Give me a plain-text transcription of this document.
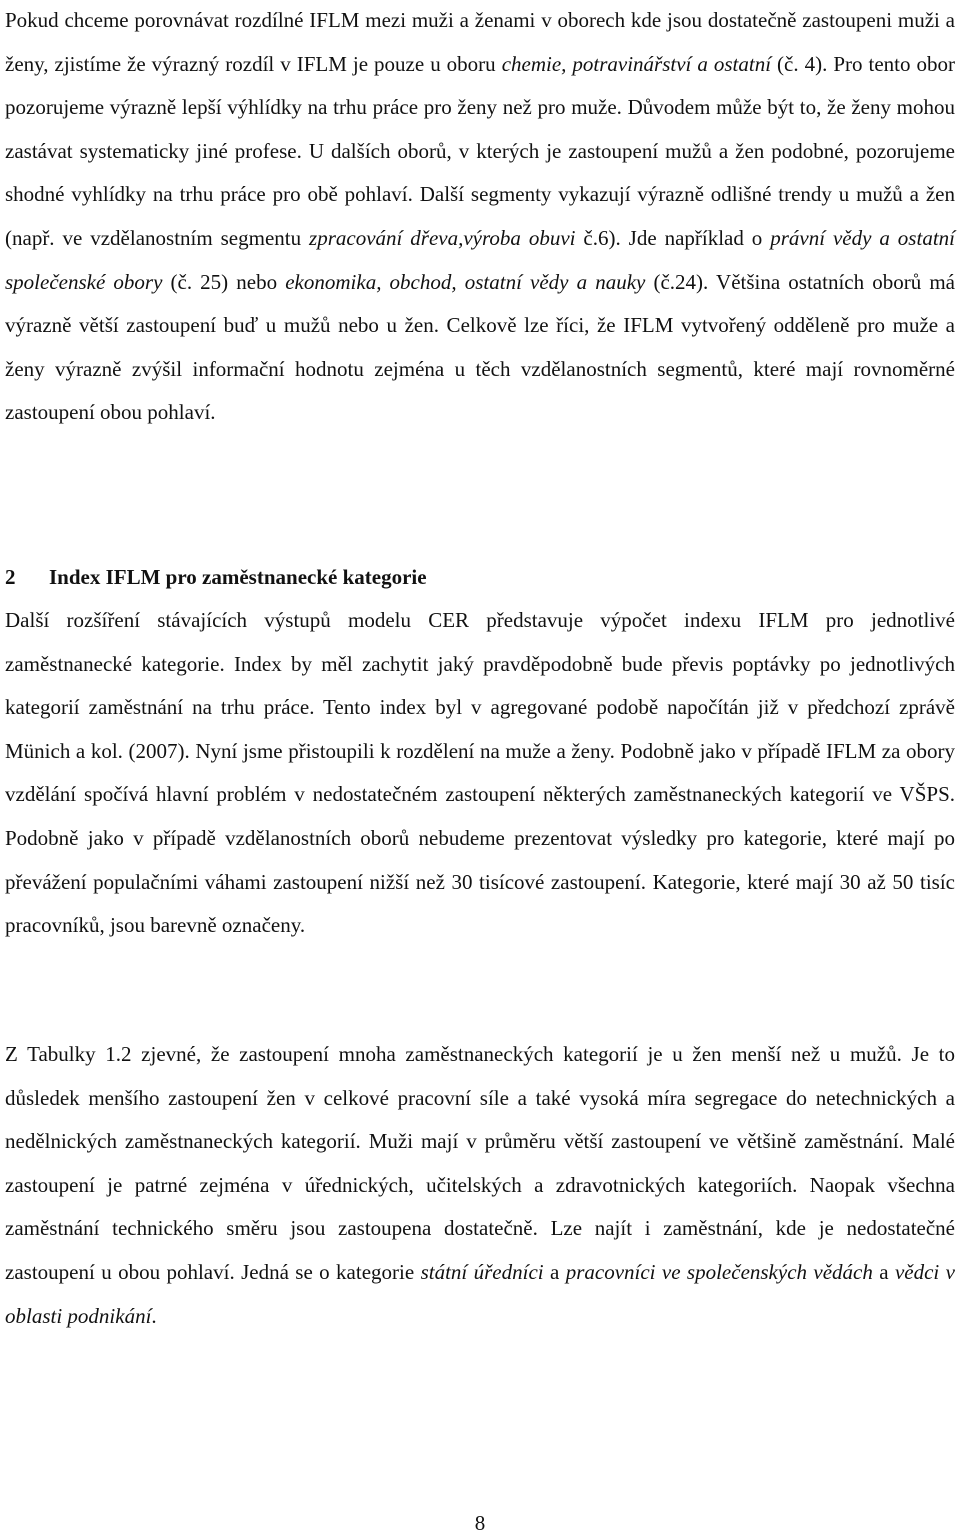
Pokud chceme porovnávat rozdílné IFLM mezi muži a ženami v oborech kde jsou dostatečně zastoupeni muži a ženy, zjistíme že výrazný rozdíl v IFLM je pouze u oboru chemie, potravinářství a ostatní (č. 4). Pro tento obor pozorujeme výrazně lepší výhlídky na trhu práce pro ženy než pro muže. Důvodem může být to, že ženy mohou zastávat systematicky jiné profese. U dalších oborů, v kterých je zastoupení mužů a žen podobné, pozorujeme shodné vyhlídky na trhu práce pro obě pohlaví. Další segmenty vykazují výrazně odlišné trendy u mužů a žen (např. ve vzdělanostním segmentu zpracování dřeva,výroba obuvi č.6). Jde například o právní vědy a ostatní společenské obory (č. 25) nebo ekonomika, obchod, ostatní vědy a nauky (č.24). Většina ostatních oborů má výrazně větší zastoupení buď u mužů nebo u žen. Celkově lze říci, že IFLM vytvořený odděleně pro muže a ženy výrazně zvýšil informační hodnotu zejména u těch vzdělanostních segmentů, které mají rovnoměrné zastoupení obou pohlaví.

2 Index IFLM pro zaměstnanecké kategorie

Další rozšíření stávajících výstupů modelu CER představuje výpočet indexu IFLM pro jednotlivé zaměstnanecké kategorie. Index by měl zachytit jaký pravděpodobně bude převis poptávky po jednotlivých kategorií zaměstnání na trhu práce. Tento index byl v agregované podobě napočítán již v předchozí zprávě Münich a kol. (2007). Nyní jsme přistoupili k rozdělení na muže a ženy. Podobně jako v případě IFLM za obory vzdělání spočívá hlavní problém v nedostatečném zastoupení některých zaměstnaneckých kategorií ve VŠPS. Podobně jako v případě vzdělanostních oborů nebudeme prezentovat výsledky pro kategorie, které mají po převážení populačními váhami zastoupení nižší než 30 tisícové zastoupení. Kategorie, které mají 30 až 50 tisíc pracovníků, jsou barevně označeny.

Z Tabulky 1.2 zjevné, že zastoupení mnoha zaměstnaneckých kategorií je u žen menší než u mužů. Je to důsledek menšího zastoupení žen v celkové pracovní síle a také vysoká míra segregace do netechnických a nedělnických zaměstnaneckých kategorií. Muži mají v průměru větší zastoupení ve většině zaměstnání. Malé zastoupení je patrné zejména v úřednických, učitelských a zdravotnických kategoriích. Naopak všechna zaměstnání technického směru jsou zastoupena dostatečně. Lze najít i zaměstnání, kde je nedostatečné zastoupení u obou pohlaví. Jedná se o kategorie státní úředníci a pracovníci ve společenských vědách a vědci v oblasti podnikání.

8
